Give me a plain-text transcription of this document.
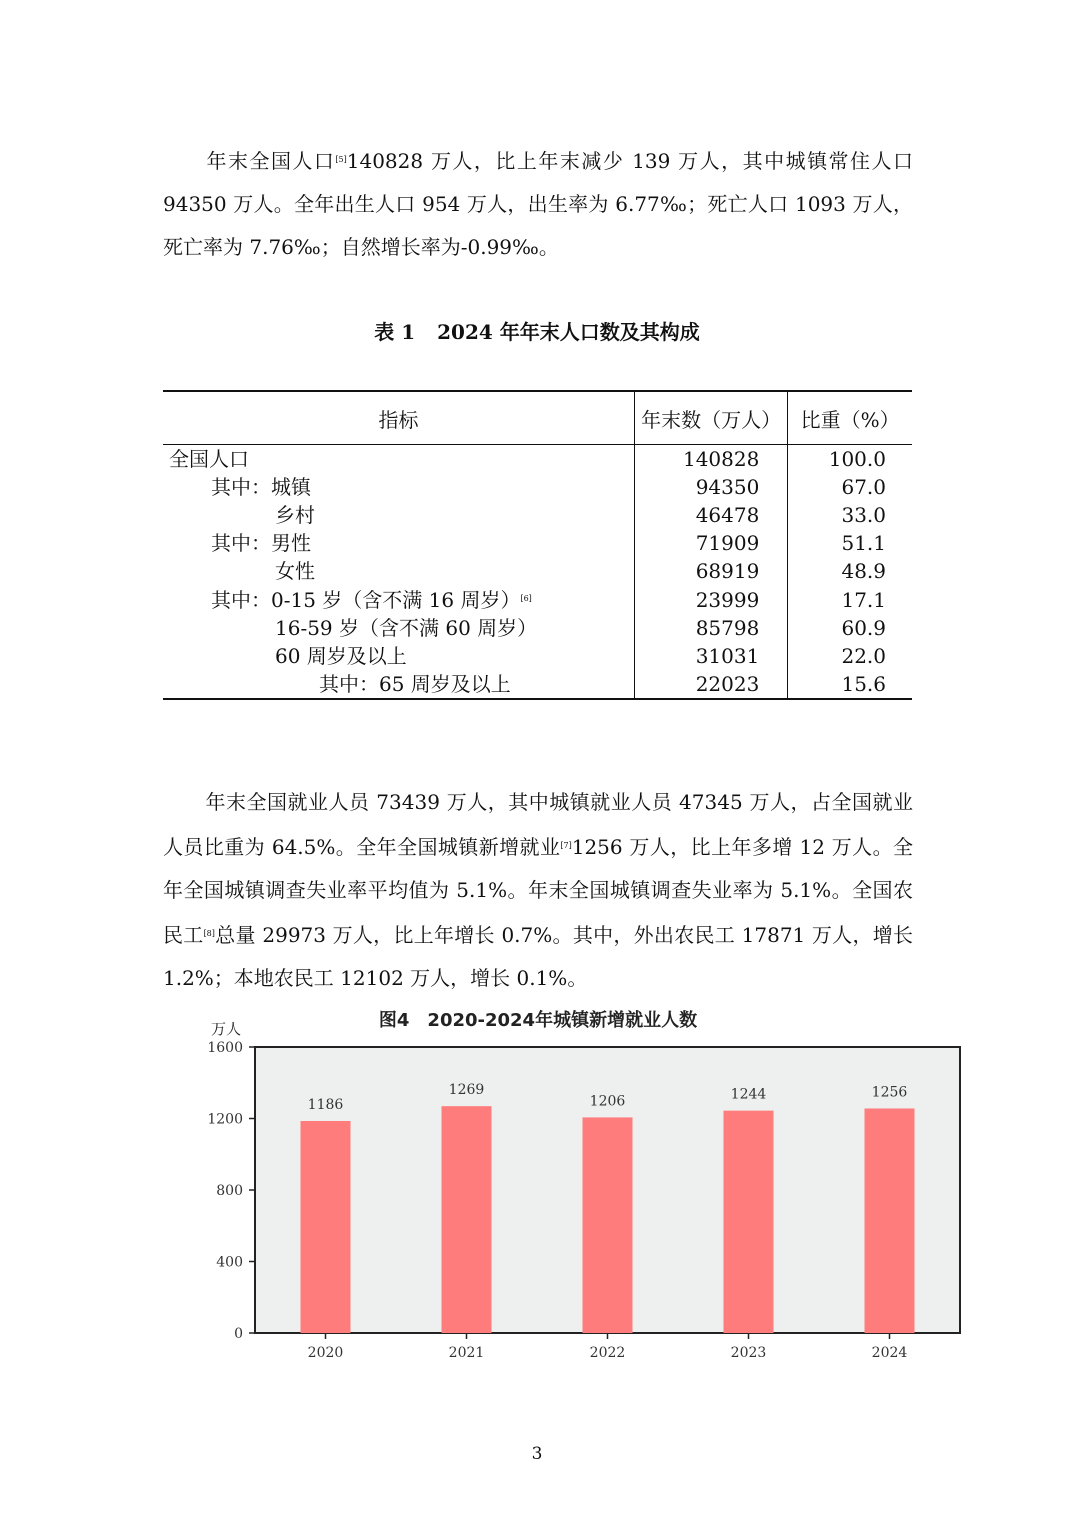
年末全国人口[5]140828 万人，比上年末减少 139 万人，其中城镇常住人口 94350 万人。全年出生人口 954 万人，出生率为 6.77‰；死亡人口 1093 万人，死亡率为 7.76‰；自然增长率为-0.99‰。

表 1 2024 年年末人口数及其构成
指标	年末数（万人）	比重（%）
全国人口	140828	100.0
其中：城镇	94350	67.0
乡村	46478	33.0
其中：男性	71909	51.1
女性	68919	48.9
其中：0-15 岁（含不满 16 周岁）[6]	23999	17.1
16-59 岁（含不满 60 周岁）	85798	60.9
60 周岁及以上	31031	22.0
其中：65 周岁及以上	22023	15.6

年末全国就业人员 73439 万人，其中城镇就业人员 47345 万人，占全国就业人员比重为 64.5%。全年全国城镇新增就业[7]1256 万人，比上年多增 12 万人。全年全国城镇调查失业率平均值为 5.1%。年末全国城镇调查失业率为 5.1%。全国农民工[8]总量 29973 万人，比上年增长 0.7%。其中，外出农民工 17871 万人，增长 1.2%；本地农民工 12102 万人，增长 0.1%。

图4　2020-2024年城镇新增就业人数
万人
0
400
800
1200
1600
1186
1269
1206	1244	1256
2020	2021	2022	2023	2024
3
